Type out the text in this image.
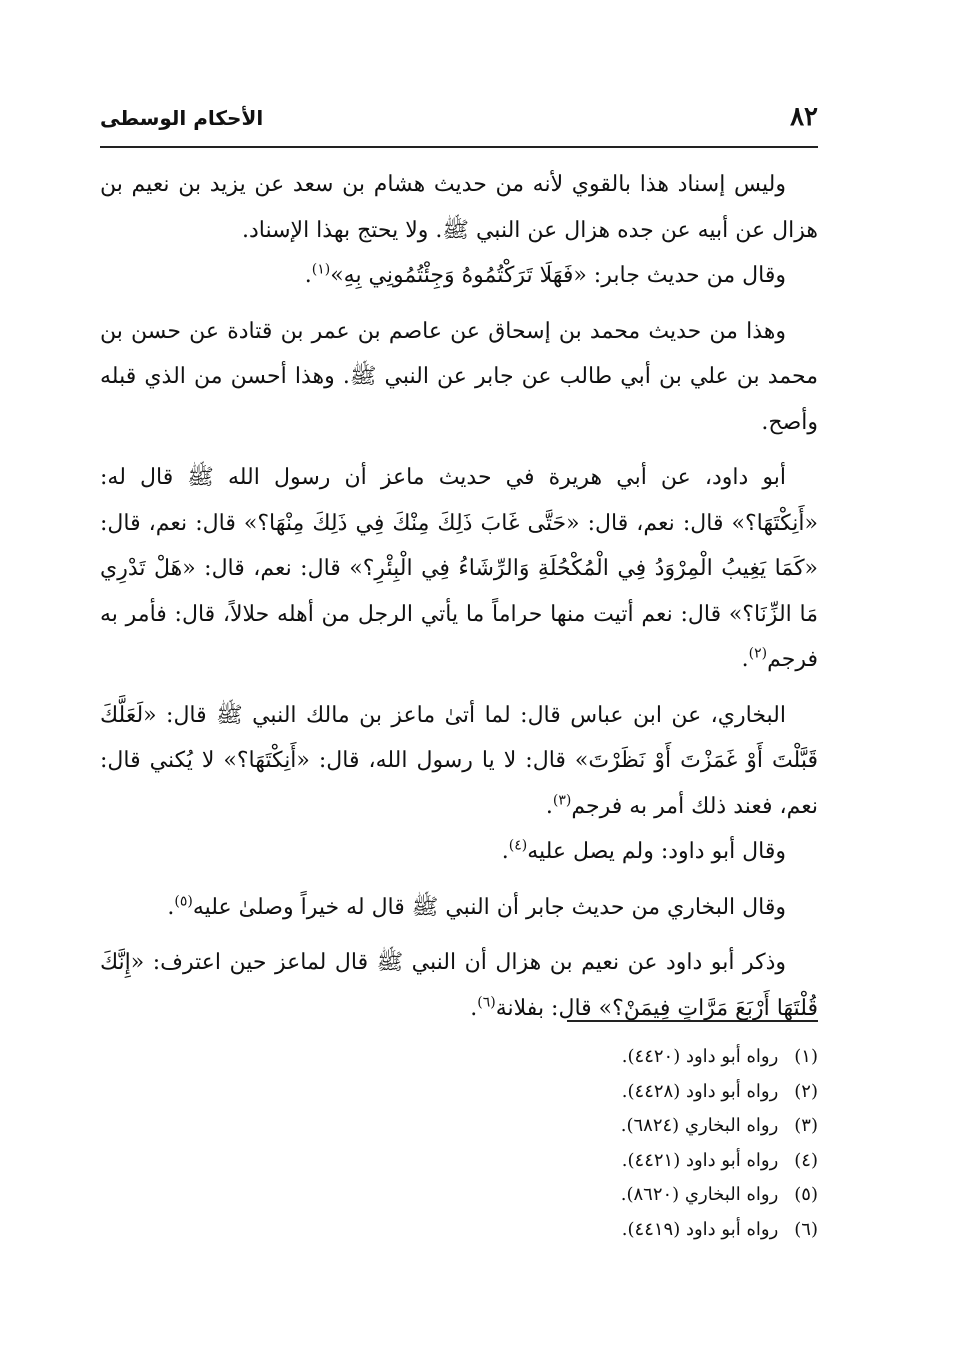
٨٢
الأحكام الوسطى

وليس إسناد هذا بالقوي لأنه من حديث هشام بن سعد عن يزيد بن نعيم بن هزال عن أبيه عن جده هزال عن النبي ﷺ. ولا يحتج بهذا الإسناد.

وقال من حديث جابر: «فَهَلَا تَرَكْتُمُوهُ وَجِئْتُمُونِي بِهِ»$^{(١)}$.

وهذا من حديث محمد بن إسحاق عن عاصم بن عمر بن قتادة عن حسن بن محمد بن علي بن أبي طالب عن جابر عن النبي ﷺ. وهذا أحسن من الذي قبله وأصح.

أبو داود، عن أبي هريرة في حديث ماعز أن رسول الله ﷺ قال له: «أَنِكْتَهَا؟» قال: نعم، قال: «حَتَّى غَابَ ذَلِكَ مِنْكَ فِي ذَلِكَ مِنْهَا؟» قال: نعم، قال: «كَمَا يَغِيبُ الْمِرْوَدُ فِي الْمُكْحُلَةِ وَالرِّشَاءُ فِي الْبِئْرِ؟» قال: نعم، قال: «هَلْ تَدْرِي مَا الزِّنَا؟» قال: نعم أتيت منها حراماً ما يأتي الرجل من أهله حلالاً، قال: فأمر به فرجم$^{(٢)}$.

البخاري، عن ابن عباس قال: لما أتىٰ ماعز بن مالك النبي ﷺ قال: «لَعَلَّكَ قَبَّلْتَ أَوْ غَمَزْتَ أَوْ نَظَرْتَ» قال: لا يا رسول الله، قال: «أَنِكْتَهَا؟» لا يُكني قال: نعم، فعند ذلك أمر به فرجم$^{(٣)}$.

وقال أبو داود: ولم يصل عليه$^{(٤)}$.

وقال البخاري من حديث جابر أن النبي ﷺ قال له خيراً وصلىٰ عليه$^{(٥)}$.

وذكر أبو داود عن نعيم بن هزال أن النبي ﷺ قال لماعز حين اعترف: «إِنَّكَ قُلْتَهَا أَرْبَعَ مَرَّاتٍ فِيمَنْ؟» قال: بفلانة$^{(٦)}$.

(١) رواه أبو داود (٤٤٢٠).
(٢) رواه أبو داود (٤٤٢٨).
(٣) رواه البخاري (٦٨٢٤).
(٤) رواه أبو داود (٤٤٢١).
(٥) رواه البخاري (٨٦٢٠).
(٦) رواه أبو داود (٤٤١٩).
